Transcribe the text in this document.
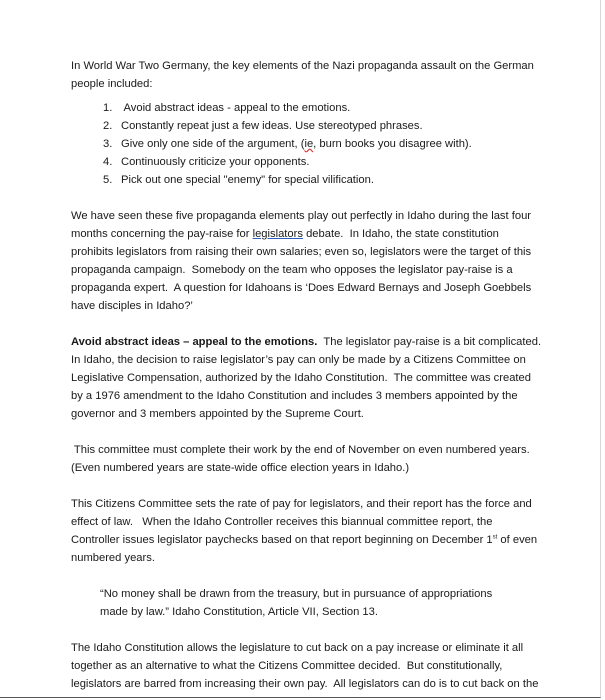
In World War Two Germany, the key elements of the Nazi propaganda assault on the German
people included:
1. Avoid abstract ideas - appeal to the emotions.
2. Constantly repeat just a few ideas. Use stereotyped phrases.
3. Give only one side of the argument, (ie, burn books you disagree with).
4. Continuously criticize your opponents.
5. Pick out one special "enemy" for special vilification.
We have seen these five propaganda elements play out perfectly in Idaho during the last four
months concerning the pay-raise for legislators debate.  In Idaho, the state constitution
prohibits legislators from raising their own salaries; even so, legislators were the target of this
propaganda campaign.  Somebody on the team who opposes the legislator pay-raise is a
propaganda expert.  A question for Idahoans is ‘Does Edward Bernays and Joseph Goebbels
have disciples in Idaho?’
Avoid abstract ideas – appeal to the emotions.  The legislator pay-raise is a bit complicated.
In Idaho, the decision to raise legislator’s pay can only be made by a Citizens Committee on
Legislative Compensation, authorized by the Idaho Constitution.  The committee was created
by a 1976 amendment to the Idaho Constitution and includes 3 members appointed by the
governor and 3 members appointed by the Supreme Court.
This committee must complete their work by the end of November on even numbered years.
(Even numbered years are state-wide office election years in Idaho.)
This Citizens Committee sets the rate of pay for legislators, and their report has the force and
effect of law.   When the Idaho Controller receives this biannual committee report, the
Controller issues legislator paychecks based on that report beginning on December 1st of even
numbered years.
“No money shall be drawn from the treasury, but in pursuance of appropriations
made by law.” Idaho Constitution, Article VII, Section 13.
The Idaho Constitution allows the legislature to cut back on a pay increase or eliminate it all
together as an alternative to what the Citizens Committee decided.  But constitutionally,
legislators are barred from increasing their own pay.  All legislators can do is to cut back on the
